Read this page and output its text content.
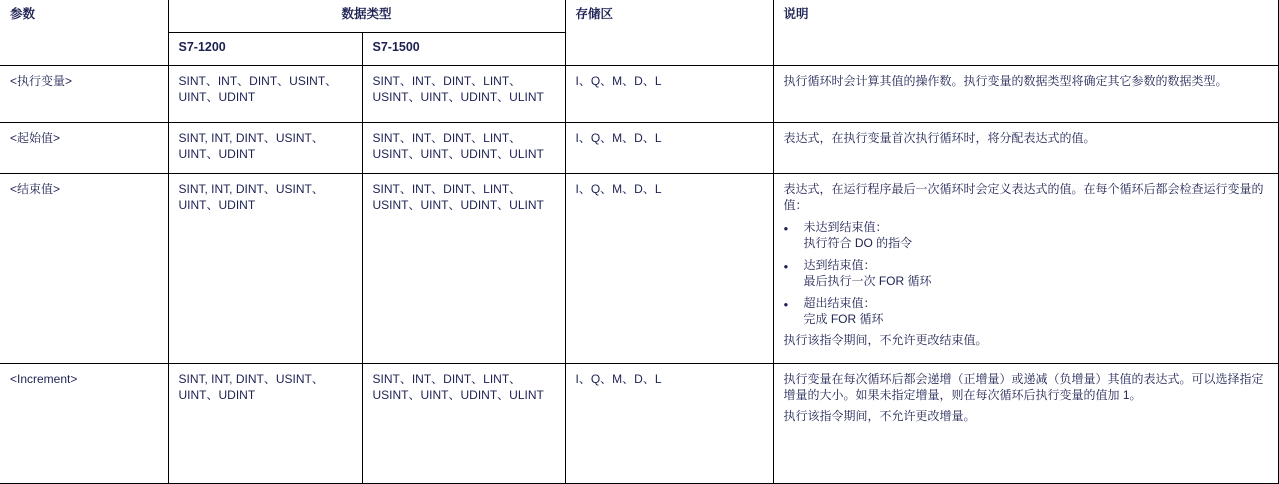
参数	数据类型		存储区	说明
	S7-1200	S7-1500		
<执行变量>	SINT、INT、DINT、USINT、UINT、UDINT	SINT、INT、DINT、LINT、USINT、UINT、UDINT、ULINT	I、Q、M、D、L	执行循环时会计算其值的操作数。执行变量的数据类型将确定其它参数的数据类型。

<起始值>	SINT, INT, DINT、USINT、UINT、UDINT	SINT、INT、DINT、LINT、USINT、UINT、UDINT、ULINT	I、Q、M、D、L	表达式，在执行变量首次执行循环时，将分配表达式的值。

<结束值>	SINT, INT, DINT、USINT、UINT、UDINT	SINT、INT、DINT、LINT、USINT、UINT、UDINT、ULINT	I、Q、M、D、L	表达式，在运行程序最后一次循环时会定义表达式的值。在每个循环后都会检查运行变量的值：

●
未达到结束值：
执行符合 DO 的指令
●
达到结束值：
最后执行一次 FOR 循环
●
超出结束值：
完成 FOR 循环

执行该指令期间，不允许更改结束值。

<Increment>	SINT, INT, DINT、USINT、UINT、UDINT	SINT、INT、DINT、LINT、USINT、UINT、UDINT、ULINT	I、Q、M、D、L	执行变量在每次循环后都会递增（正增量）或递减（负增量）其值的表达式。可以选择指定增量的大小。如果未指定增量，则在每次循环后执行变量的值加 1。

执行该指令期间，不允许更改增量。
